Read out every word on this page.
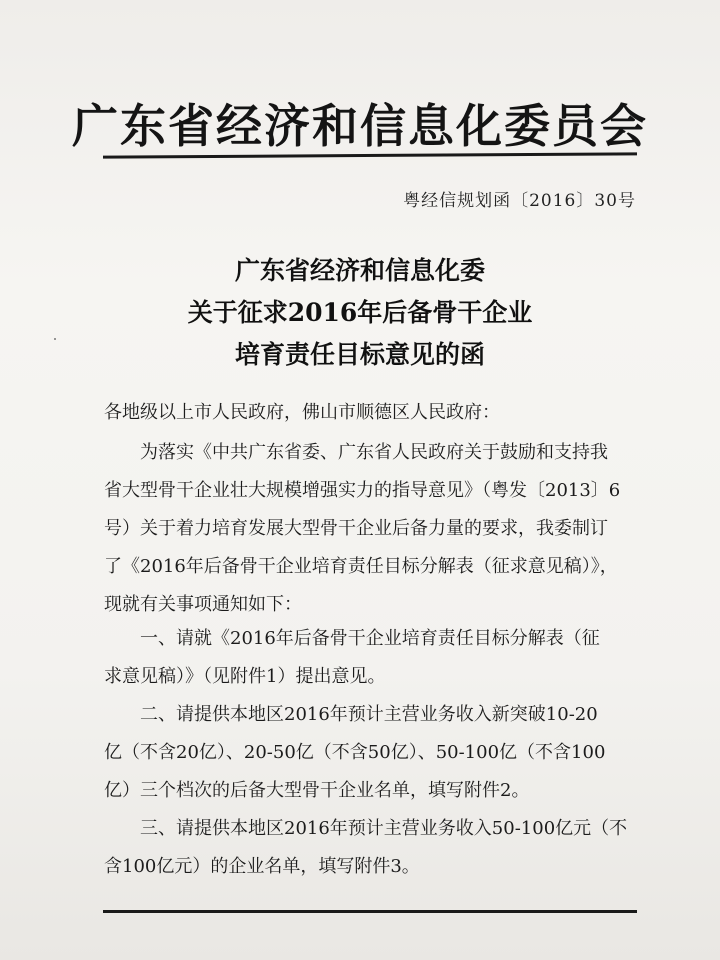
广东省经济和信息化委员会
粤经信规划函〔2016〕30号
广东省经济和信息化委
关于征求2016年后备骨干企业
培育责任目标意见的函
各地级以上市人民政府，佛山市顺德区人民政府：
为落实《中共广东省委、广东省人民政府关于鼓励和支持我
省大型骨干企业壮大规模增强实力的指导意见》（粤发〔2013〕6
号）关于着力培育发展大型骨干企业后备力量的要求，我委制订
了《2016年后备骨干企业培育责任目标分解表（征求意见稿）》，
现就有关事项通知如下：
一、请就《2016年后备骨干企业培育责任目标分解表（征
求意见稿）》（见附件1）提出意见。
二、请提供本地区2016年预计主营业务收入新突破10-20
亿（不含20亿）、20-50亿（不含50亿）、50-100亿（不含100
亿）三个档次的后备大型骨干企业名单，填写附件2。
三、请提供本地区2016年预计主营业务收入50-100亿元（不
含100亿元）的企业名单，填写附件3。
